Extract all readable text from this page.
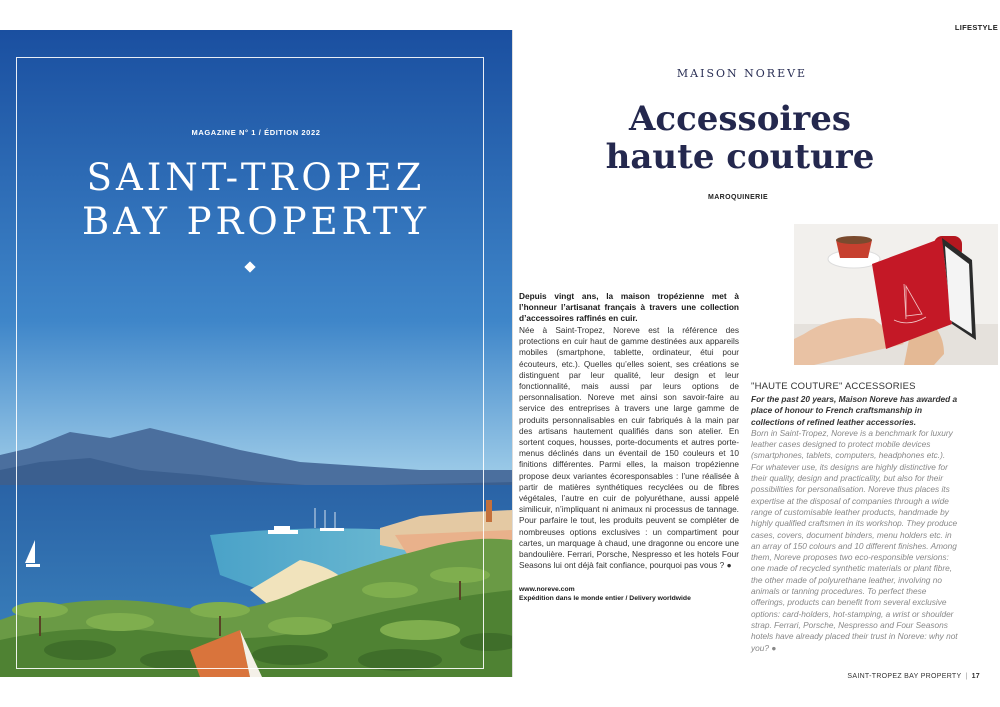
MAGAZINE N° 1 / ÉDITION 2022
SAINT-TROPEZ
BAY PROPERTY
LIFESTYLE
MAISON NOREVE
Accessoires
haute couture
MAROQUINERIE
Depuis vingt ans, la maison tropézienne met à l’honneur l’artisanat français à travers une collection d’accessoires raffinés en cuir.
Née à Saint-Tropez, Noreve est la référence des protections en cuir haut de gamme destinées aux appareils mobiles (smartphone, tablette, ordinateur, étui pour écouteurs, etc.). Quelles qu’elles soient, ses créations se distinguent par leur qualité, leur design et leur fonctionnalité, mais aussi par leurs options de personnalisation. Noreve met ainsi son savoir-faire au service des entreprises à travers une large gamme de produits personnalisables en cuir fabriqués à la main par des artisans hautement qualifiés dans son atelier. En sortent coques, housses, porte-documents et autres porte-menus déclinés dans un éventail de 150 couleurs et 10 finitions différentes. Parmi elles, la maison tropézienne propose deux variantes écoresponsables : l’une réalisée à partir de matières synthétiques recyclées ou de fibres végétales, l’autre en cuir de polyuréthane, aussi appelé similicuir, n’impliquant ni animaux ni processus de tannage. Pour parfaire le tout, les produits peuvent se compléter de nombreuses options exclusives : un compartiment pour cartes, un marquage à chaud, une dragonne ou encore une bandoulière. Ferrari, Porsche, Nespresso et les hotels Four Seasons lui ont déjà fait confiance, pourquoi pas vous ? ●
www.noreve.com
Expédition dans le monde entier / Delivery worldwide
"HAUTE COUTURE" ACCESSORIES
For the past 20 years, Maison Noreve has awarded a place of honour to French craftsmanship in collections of refined leather accessories.
Born in Saint-Tropez, Noreve is a benchmark for luxury leather cases designed to protect mobile devices (smartphones, tablets, computers, headphones etc.). For whatever use, its designs are highly distinctive for their quality, design and practicality, but also for their possibilities for personalisation. Noreve thus places its expertise at the disposal of companies through a wide range of customisable leather products, handmade by highly qualified craftsmen in its workshop. They produce cases, covers, document binders, menu holders etc. in an array of 150 colours and 10 different finishes. Among them, Noreve proposes two eco-responsible versions: one made of recycled synthetic materials or plant fibre, the other made of polyurethane leather, involving no animals or tanning procedures. To perfect these offerings, products can benefit from several exclusive options: card-holders, hot-stamping, a wrist or shoulder strap. Ferrari, Porsche, Nespresso and Four Seasons hotels have already placed their trust in Noreve: why not you? ●
SAINT-TROPEZ BAY PROPERTY | 17
